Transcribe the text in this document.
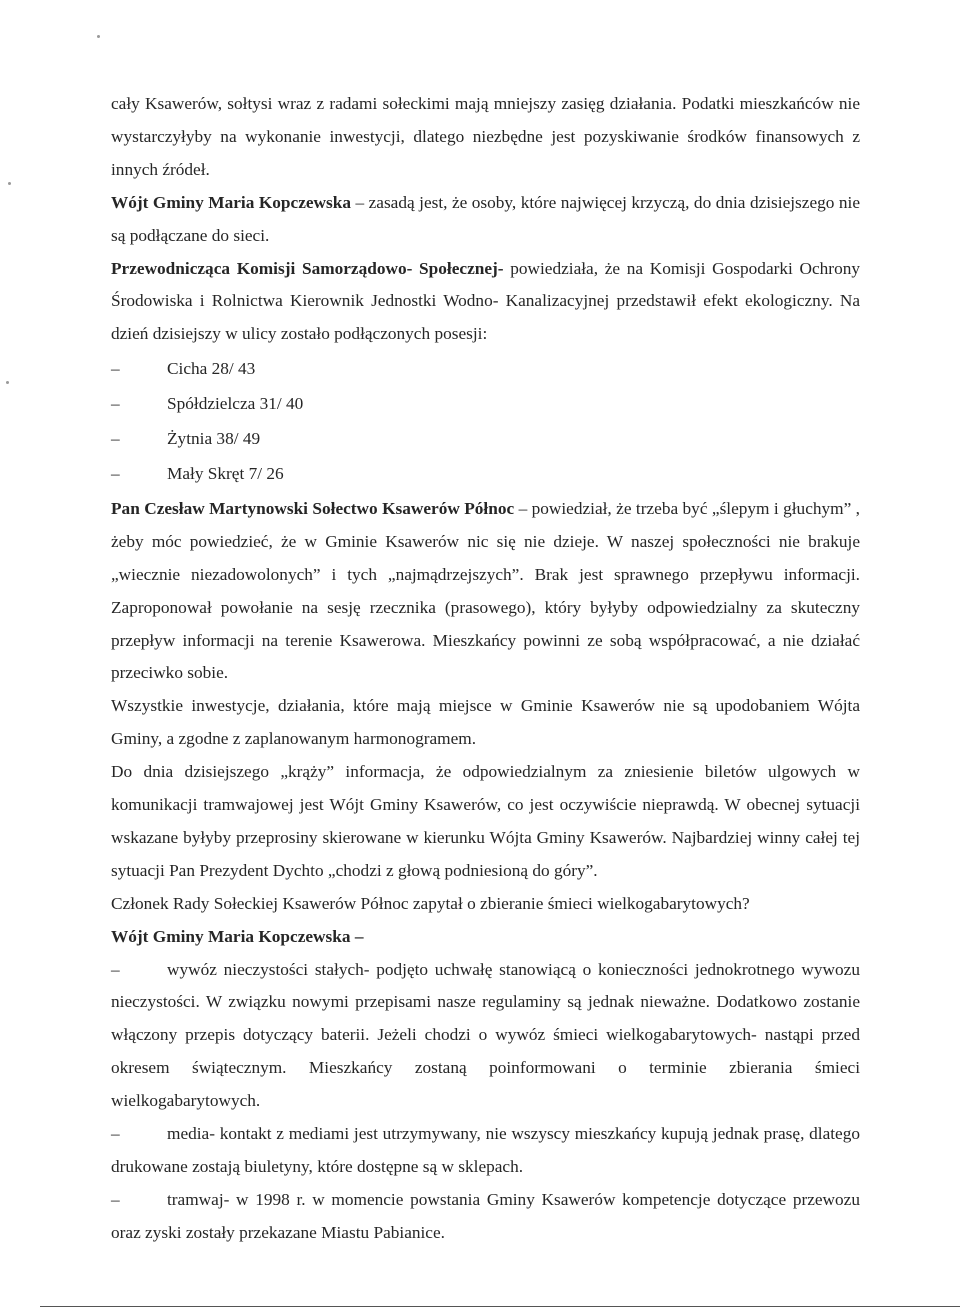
cały Ksawerów, sołtysi wraz z radami sołeckimi mają mniejszy zasięg działania. Podatki mieszkańców nie wystarczyłyby na wykonanie inwestycji, dlatego niezbędne jest pozyskiwanie środków finansowych z innych źródeł.

Wójt Gminy Maria Kopczewska – zasadą jest, że osoby, które najwięcej krzyczą, do dnia dzisiejszego nie są podłączane do sieci.

Przewodnicząca Komisji Samorządowo- Społecznej- powiedziała, że na Komisji Gospodarki Ochrony Środowiska i Rolnictwa Kierownik Jednostki Wodno- Kanalizacyjnej przedstawił efekt ekologiczny. Na dzień dzisiejszy w ulicy zostało podłączonych posesji:

–	Cicha 28/ 43
–	Spółdzielcza 31/ 40
–	Żytnia 38/ 49
–	Mały Skręt 7/ 26

Pan Czesław Martynowski Sołectwo Ksawerów Północ – powiedział, że trzeba być „ślepym i głuchym” , żeby móc powiedzieć, że w Gminie Ksawerów nic się nie dzieje. W naszej społeczności nie brakuje „wiecznie niezadowolonych” i tych „najmądrzejszych”. Brak jest sprawnego przepływu informacji. Zaproponował powołanie na sesję rzecznika (prasowego), który byłyby odpowiedzialny za skuteczny przepływ informacji na terenie Ksawerowa. Mieszkańcy powinni ze sobą współpracować, a nie działać przeciwko sobie.

Wszystkie inwestycje, działania, które mają miejsce w Gminie Ksawerów nie są upodobaniem Wójta Gminy, a zgodne z zaplanowanym harmonogramem.

Do dnia dzisiejszego „krąży” informacja, że odpowiedzialnym za zniesienie biletów ulgowych w komunikacji tramwajowej jest Wójt Gminy Ksawerów, co jest oczywiście nieprawdą. W obecnej sytuacji wskazane byłyby przeprosiny skierowane w kierunku Wójta Gminy Ksawerów. Najbardziej winny całej tej sytuacji Pan Prezydent Dychto „chodzi z głową podniesioną do góry”.

Członek Rady Sołeckiej Ksawerów Północ zapytał o zbieranie śmieci wielkogabarytowych?

Wójt Gminy Maria Kopczewska –

–	wywóz nieczystości stałych- podjęto uchwałę stanowiącą o konieczności jednokrotnego wywozu nieczystości. W związku nowymi przepisami nasze regulaminy są jednak nieważne. Dodatkowo zostanie włączony przepis dotyczący baterii. Jeżeli chodzi o wywóz śmieci wielkogabarytowych- nastąpi przed okresem świątecznym. Mieszkańcy zostaną poinformowani o terminie zbierania śmieci wielkogabarytowych.

–	media- kontakt z mediami jest utrzymywany, nie wszyscy mieszkańcy kupują jednak prasę, dlatego drukowane zostają biuletyny, które dostępne są w sklepach.

–	tramwaj- w 1998 r. w momencie powstania Gminy Ksawerów kompetencje dotyczące przewozu oraz zyski zostały przekazane Miastu Pabianice.
